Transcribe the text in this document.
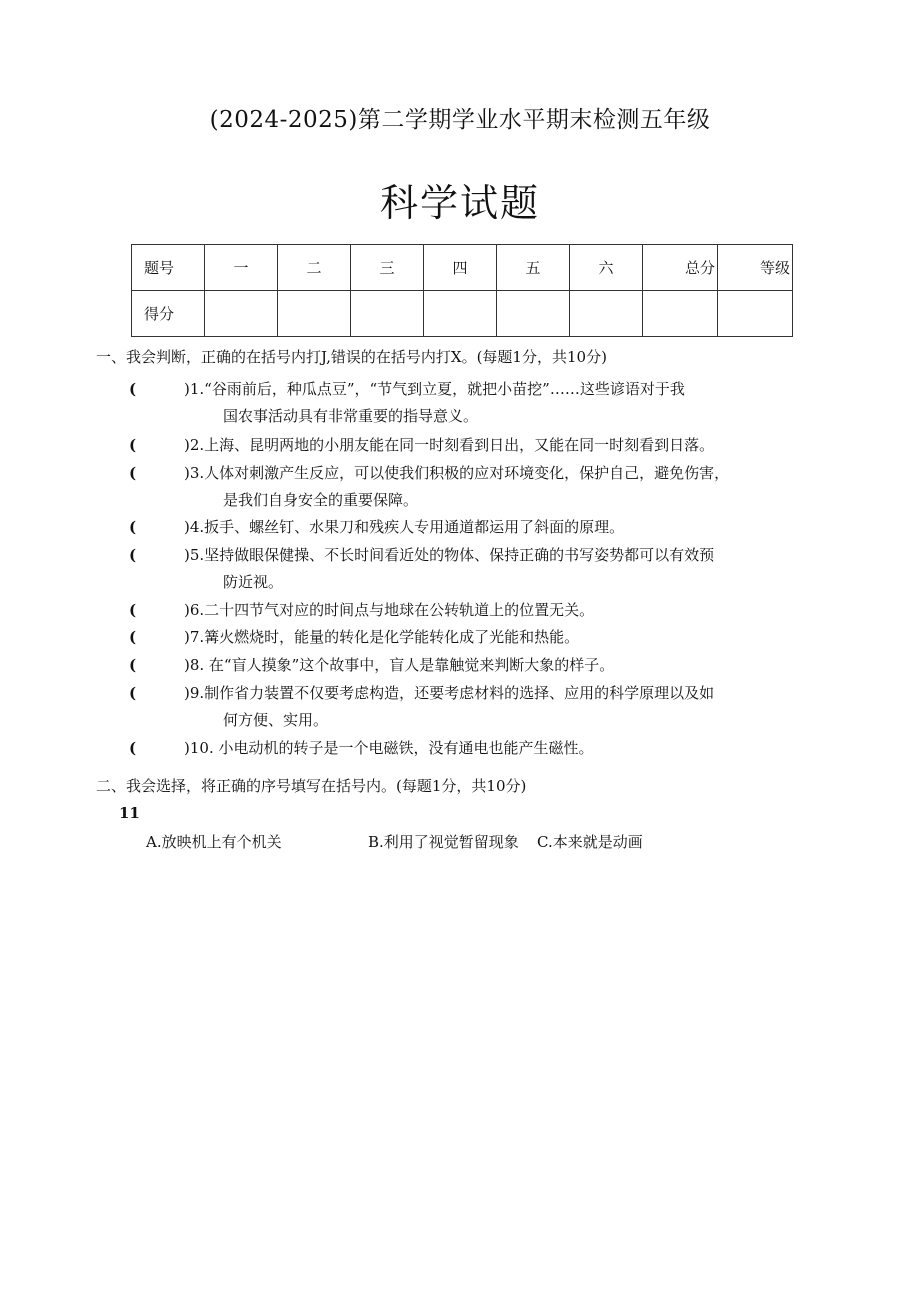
(2024-2025)第二学期学业水平期末检测五年级
科学试题
题号	一	二	三	四	五	六	总分	等级
得分								
一、我会判断，正确的在括号内打J,错误的在括号内打X。(每题1分，共10分)
(	)1.“谷雨前后，种瓜点豆”，“节气到立夏，就把小苗挖”……这些谚语对于我
国农事活动具有非常重要的指导意义。
(	)2.上海、昆明两地的小朋友能在同一时刻看到日出，又能在同一时刻看到日落。
(	)3.人体对刺激产生反应，可以使我们积极的应对环境变化，保护自己，避免伤害，
是我们自身安全的重要保障。
(	)4.扳手、螺丝钉、水果刀和残疾人专用通道都运用了斜面的原理。
(	)5.坚持做眼保健操、不长时间看近处的物体、保持正确的书写姿势都可以有效预
防近视。
(	)6.二十四节气对应的时间点与地球在公转轨道上的位置无关。
(	)7.篝火燃烧时，能量的转化是化学能转化成了光能和热能。
(	)8. 在“盲人摸象”这个故事中，盲人是靠触觉来判断大象的样子。
(	)9.制作省力装置不仅要考虑构造，还要考虑材料的选择、应用的科学原理以及如
何方便、实用。
(	)10. 小电动机的转子是一个电磁铁，没有通电也能产生磁性。
二、我会选择，将正确的序号填写在括号内。(每题1分，共10分)
11
A.放映机上有个机关	B.利用了视觉暂留现象 C.本来就是动画
